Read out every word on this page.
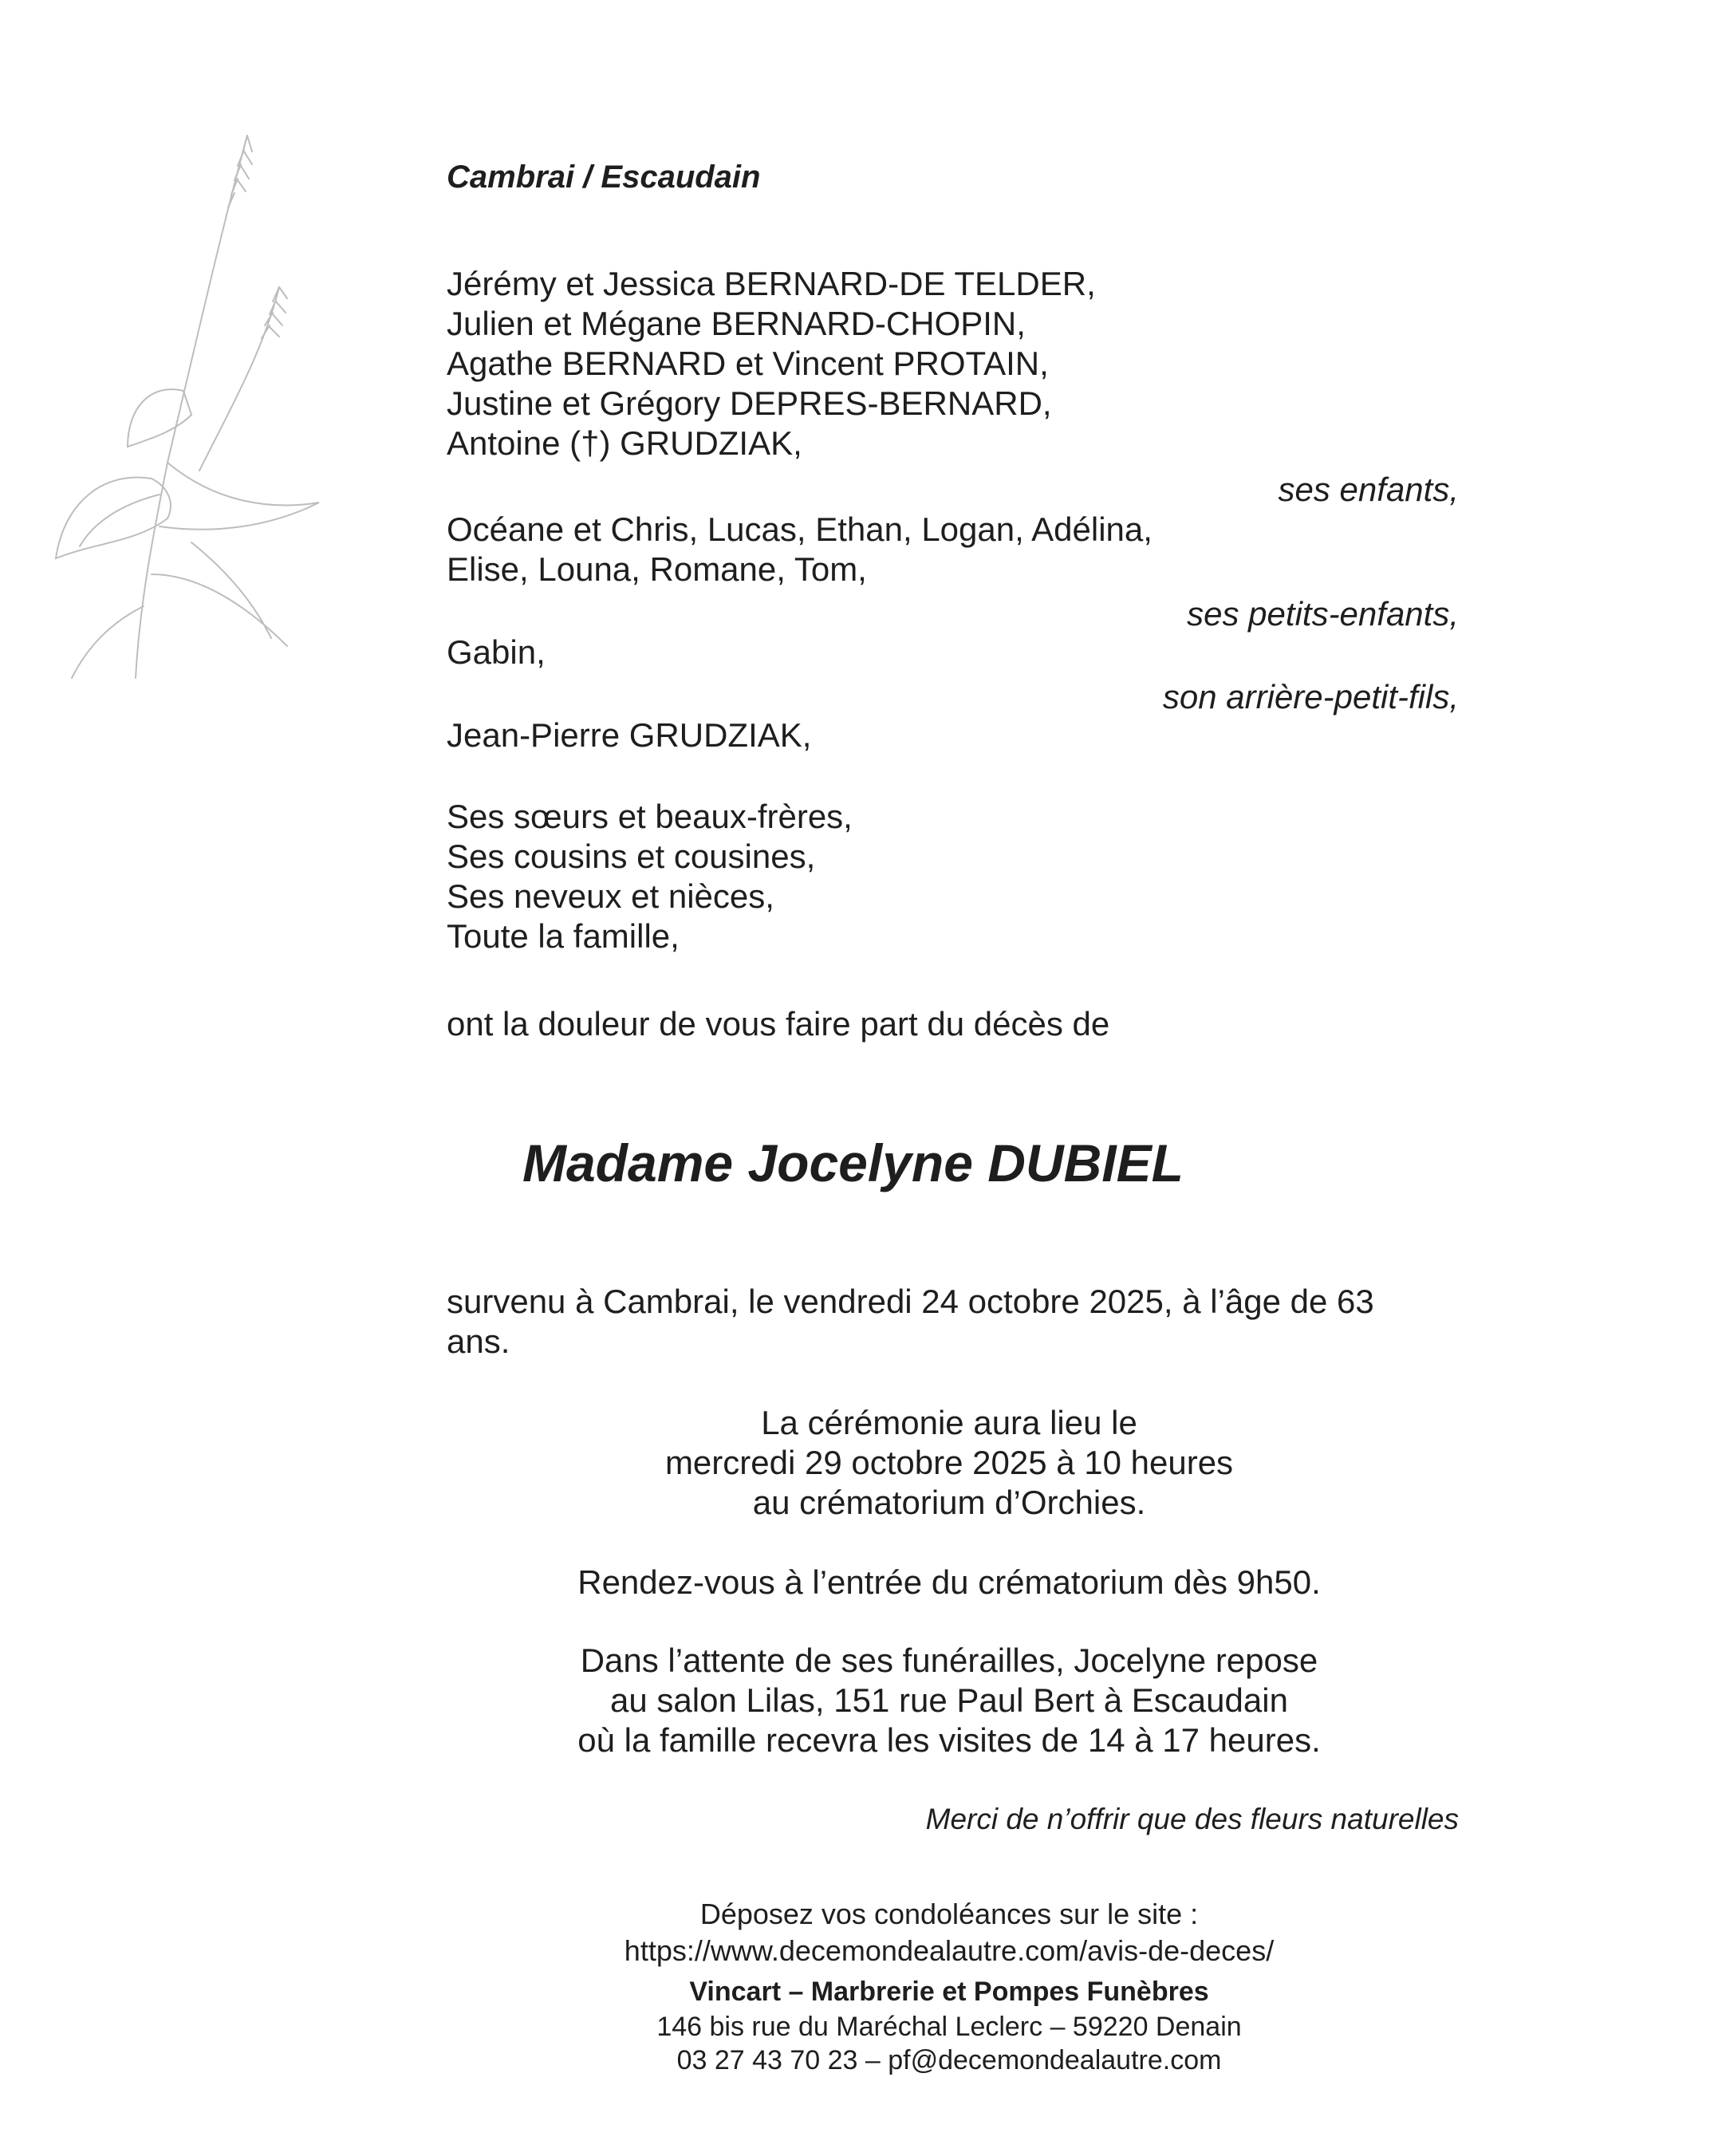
Cambrai / Escaudain
Jérémy et Jessica BERNARD-DE TELDER,
Julien et Mégane BERNARD-CHOPIN,
Agathe BERNARD et Vincent PROTAIN,
Justine et Grégory DEPRES-BERNARD,
Antoine (†) GRUDZIAK,
ses enfants,
Océane et Chris, Lucas, Ethan, Logan, Adélina,
Elise, Louna, Romane, Tom,
ses petits-enfants,
Gabin,
son arrière-petit-fils,
Jean-Pierre GRUDZIAK,
Ses sœurs et beaux-frères,
Ses cousins et cousines,
Ses neveux et nièces,
Toute la famille,
ont la douleur de vous faire part du décès de
Madame Jocelyne DUBIEL
survenu à Cambrai, le vendredi 24 octobre 2025, à l’âge de 63
ans.
La cérémonie aura lieu le
mercredi 29 octobre 2025 à 10 heures
au crématorium d’Orchies.
Rendez-vous à l’entrée du crématorium dès 9h50.
Dans l’attente de ses funérailles, Jocelyne repose
au salon Lilas, 151 rue Paul Bert à Escaudain
où la famille recevra les visites de 14 à 17 heures.
Merci de n’offrir que des fleurs naturelles
Déposez vos condoléances sur le site :
https://www.decemondealautre.com/avis-de-deces/
Vincart – Marbrerie et Pompes Funèbres
146 bis rue du Maréchal Leclerc – 59220 Denain
03 27 43 70 23 – pf@decemondealautre.com
